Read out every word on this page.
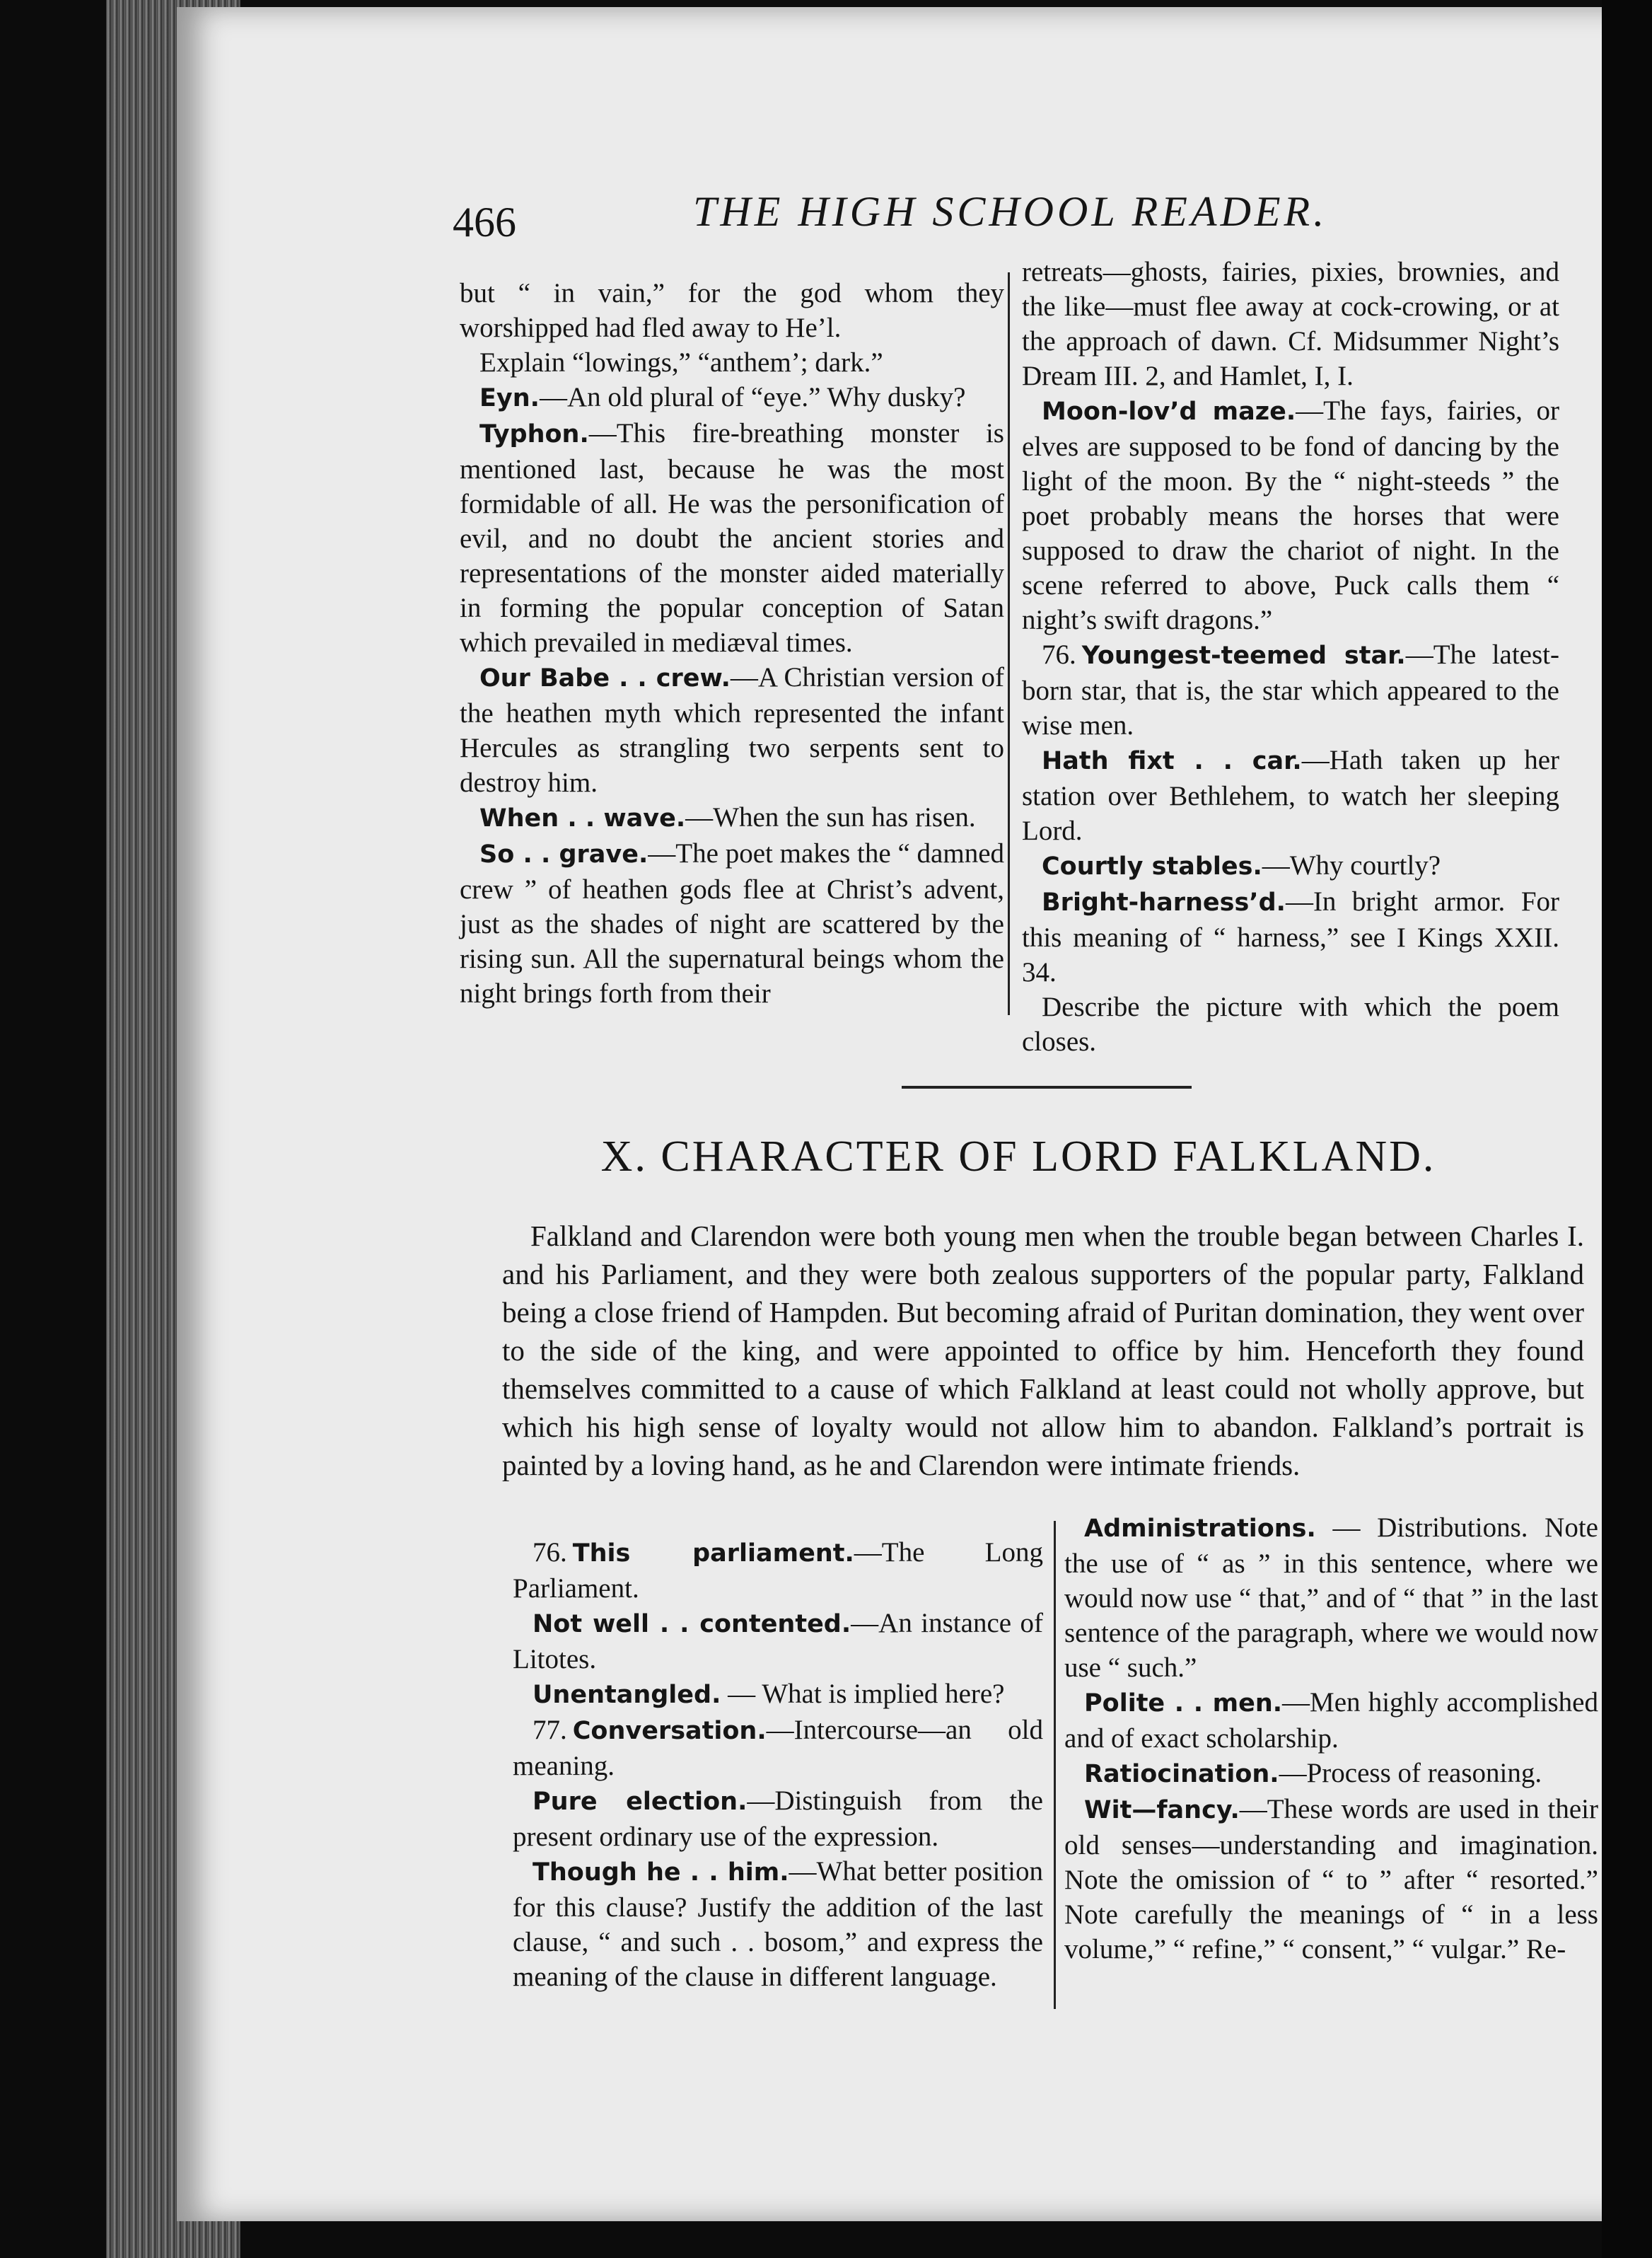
466	THE HIGH SCHOOL READER.

but “ in vain,” for the god whom they worshipped had fled away to He’l.

Explain “lowings,” “anthem’; dark.”

Eyn.—An old plural of “eye.” Why dusky?

Typhon.—This fire-breathing monster is mentioned last, because he was the most formidable of all. He was the personification of evil, and no doubt the ancient stories and representations of the monster aided materially in forming the popular conception of Satan which prevailed in mediæval times.

Our Babe . . crew.—A Christian version of the heathen myth which represented the infant Hercules as strangling two serpents sent to destroy him.

When . . wave.—When the sun has risen.

So . . grave.—The poet makes the “ damned crew ” of heathen gods flee at Christ’s advent, just as the shades of night are scattered by the rising sun. All the supernatural beings whom the night brings forth from their

retreats—ghosts, fairies, pixies, brownies, and the like—must flee away at cock-crowing, or at the approach of dawn. Cf. Midsummer Night’s Dream III. 2, and Hamlet, I, I.

Moon-lov’d maze.—The fays, fairies, or elves are supposed to be fond of dancing by the light of the moon. By the “ night-steeds ” the poet probably means the horses that were supposed to draw the chariot of night. In the scene referred to above, Puck calls them “ night’s swift dragons.”

76. Youngest-teemed star.—The latest-born star, that is, the star which appeared to the wise men.

Hath fixt . . car.—Hath taken up her station over Bethlehem, to watch her sleeping Lord.

Courtly stables.—Why courtly?

Bright-harness’d.—In bright armor. For this meaning of “ harness,” see I Kings XXII. 34.

Describe the picture with which the poem closes.

X. CHARACTER OF LORD FALKLAND.
Falkland and Clarendon were both young men when the trouble began between Charles I. and his Parliament, and they were both zealous supporters of the popular party, Falkland being a close friend of Hampden. But becoming afraid of Puritan domination, they went over to the side of the king, and were appointed to office by him. Henceforth they found themselves committed to a cause of which Falkland at least could not wholly approve, but which his high sense of loyalty would not allow him to abandon. Falkland’s portrait is painted by a loving hand, as he and Clarendon were intimate friends.

76. This parliament.—The Long Parliament.

Not well . . contented.—An instance of Litotes.

Unentangled. — What is implied here?

77. Conversation.—Intercourse—an old meaning.

Pure election.—Distinguish from the present ordinary use of the expression.

Though he . . him.—What better position for this clause? Justify the addition of the last clause, “ and such . . bosom,” and express the meaning of the clause in different language.

Administrations. — Distributions. Note the use of “ as ” in this sentence, where we would now use “ that,” and of “ that ” in the last sentence of the paragraph, where we would now use “ such.”

Polite . . men.—Men highly accomplished and of exact scholarship.

Ratiocination.—Process of reasoning.

Wit—fancy.—These words are used in their old senses—understanding and imagination. Note the omission of “ to ” after “ resorted.” Note carefully the meanings of “ in a less volume,” “ refine,” “ consent,” “ vulgar.” Re-
